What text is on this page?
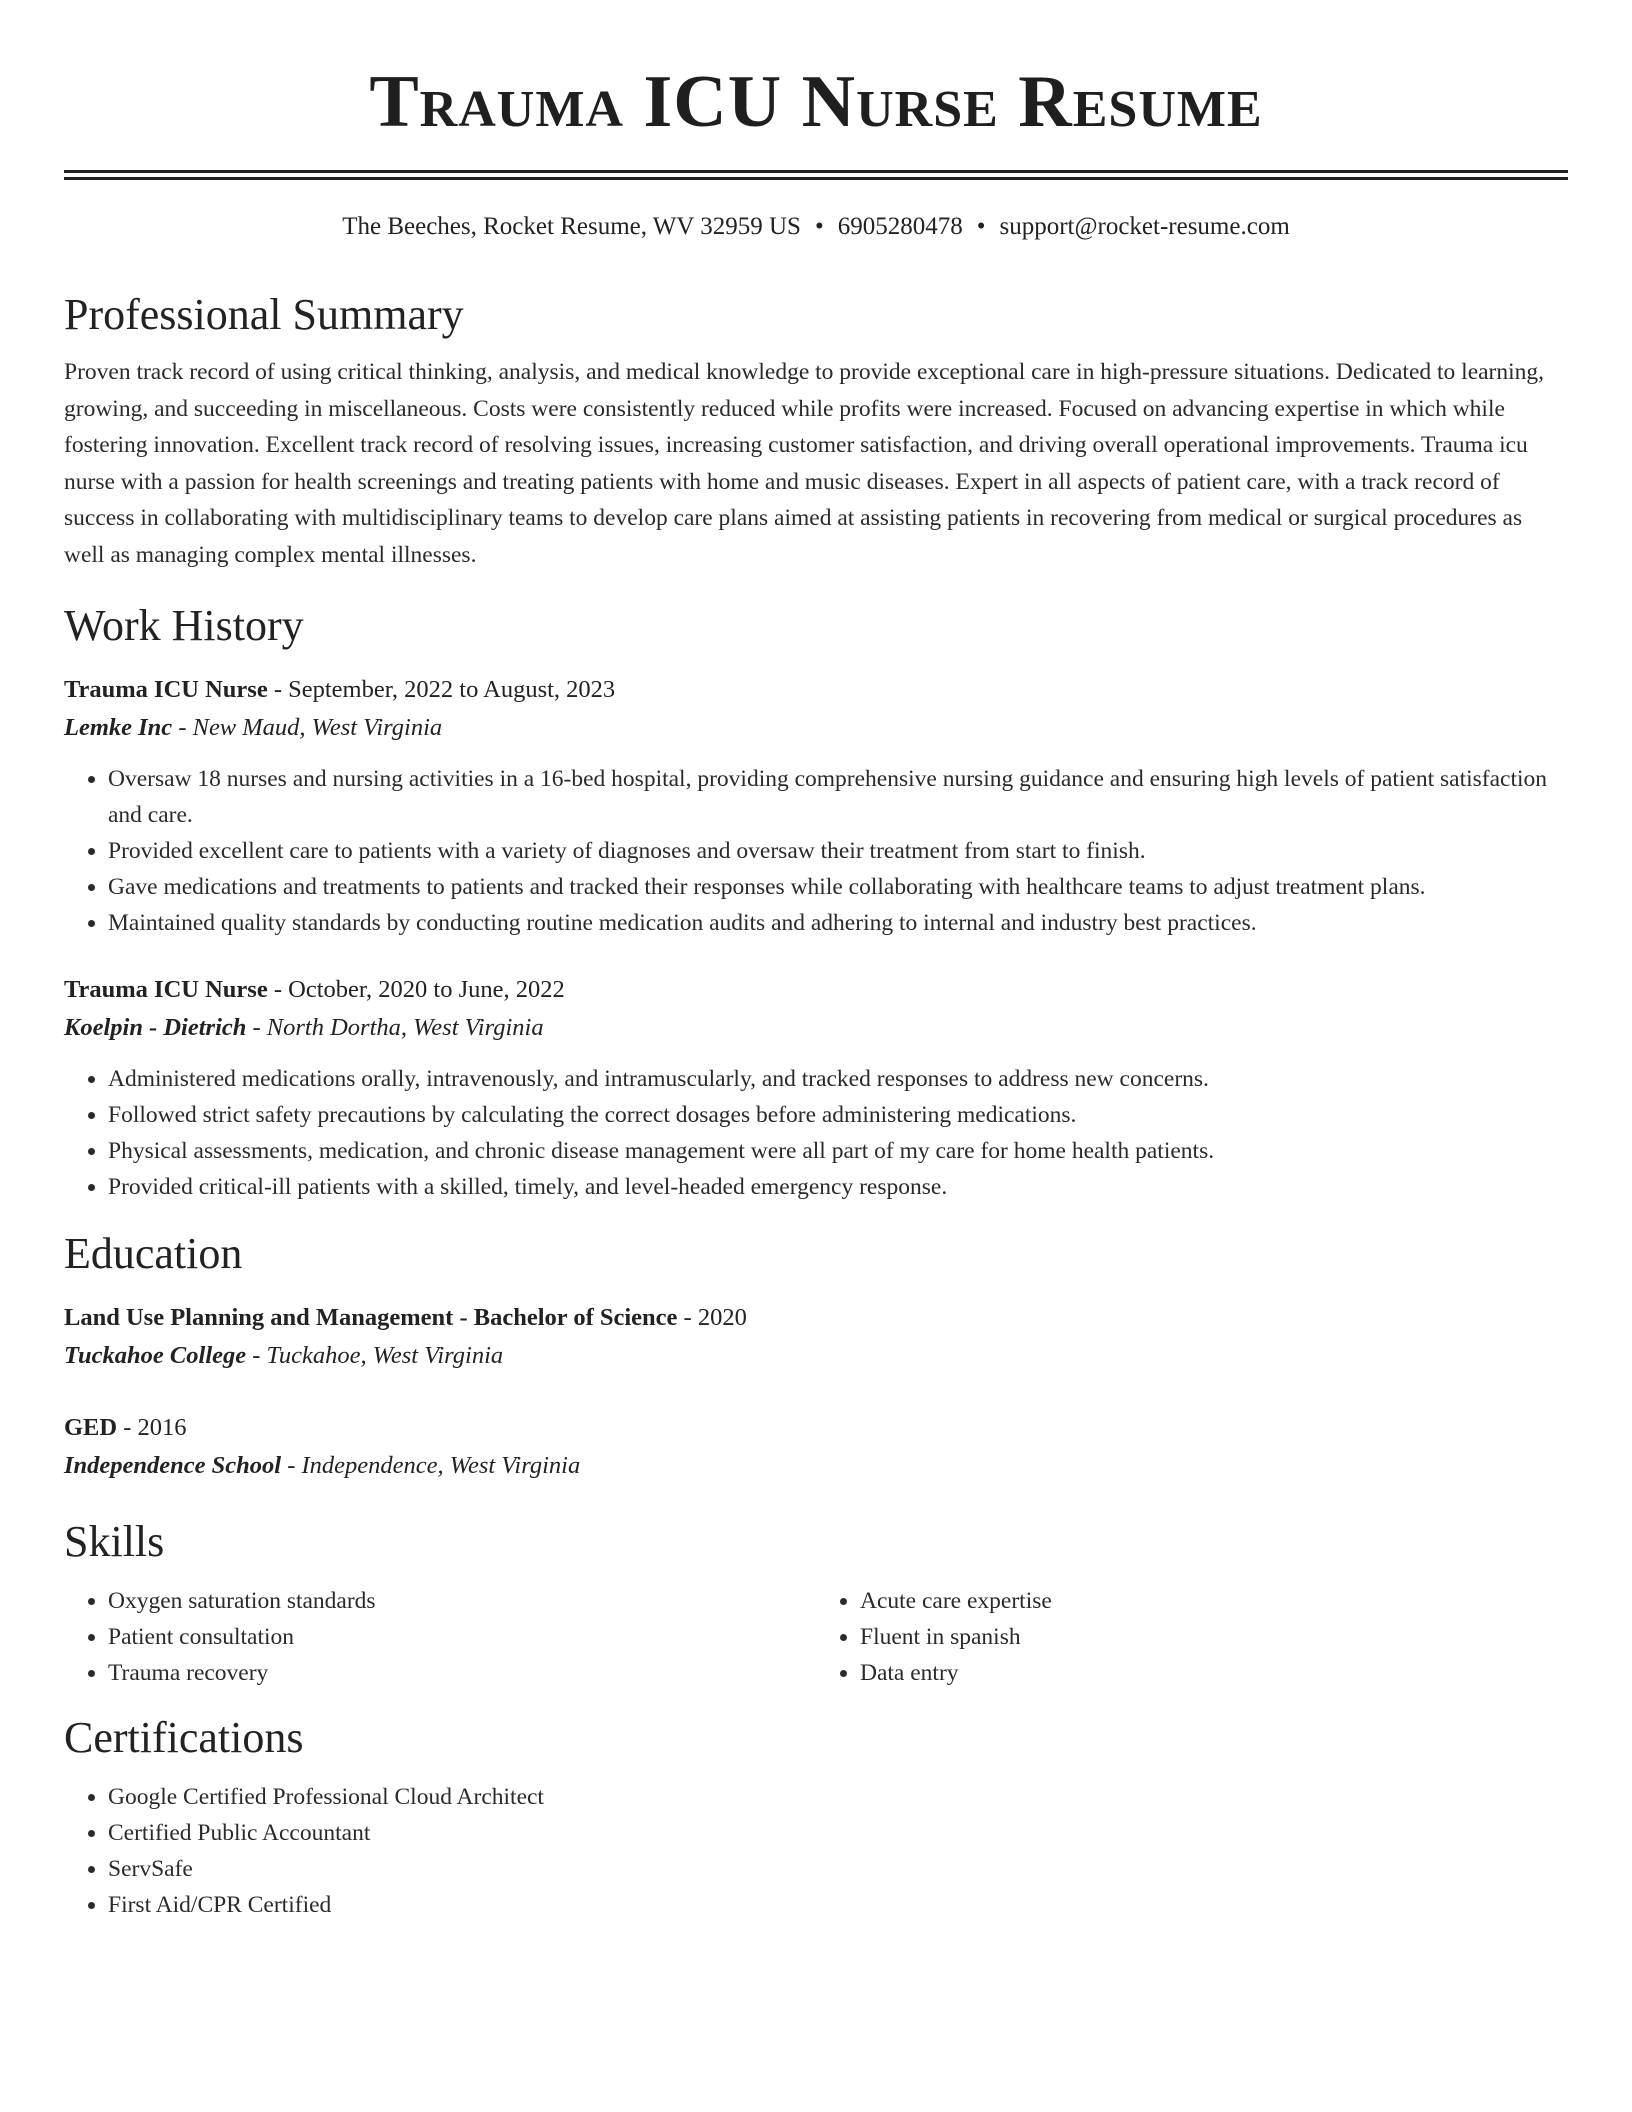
Trauma ICU Nurse Resume
The Beeches, Rocket Resume, WV 32959 US • 6905280478 • support@rocket-resume.com
Professional Summary

Proven track record of using critical thinking, analysis, and medical knowledge to provide exceptional care in high-pressure situations. Dedicated to learning, growing, and succeeding in miscellaneous. Costs were consistently reduced while profits were increased. Focused on advancing expertise in which while fostering innovation. Excellent track record of resolving issues, increasing customer satisfaction, and driving overall operational improvements. Trauma icu nurse with a passion for health screenings and treating patients with home and music diseases. Expert in all aspects of patient care, with a track record of success in collaborating with multidisciplinary teams to develop care plans aimed at assisting patients in recovering from medical or surgical procedures as well as managing complex mental illnesses.

Work History
Trauma ICU Nurse - September, 2022 to August, 2023
Lemke Inc - New Maud, West Virginia
• Oversaw 18 nurses and nursing activities in a 16-bed hospital, providing comprehensive nursing guidance and ensuring high levels of patient satisfaction and care.
• Provided excellent care to patients with a variety of diagnoses and oversaw their treatment from start to finish.
• Gave medications and treatments to patients and tracked their responses while collaborating with healthcare teams to adjust treatment plans.
• Maintained quality standards by conducting routine medication audits and adhering to internal and industry best practices.
Trauma ICU Nurse - October, 2020 to June, 2022
Koelpin - Dietrich - North Dortha, West Virginia
• Administered medications orally, intravenously, and intramuscularly, and tracked responses to address new concerns.
• Followed strict safety precautions by calculating the correct dosages before administering medications.
• Physical assessments, medication, and chronic disease management were all part of my care for home health patients.
• Provided critical-ill patients with a skilled, timely, and level-headed emergency response.
Education
Land Use Planning and Management - Bachelor of Science - 2020
Tuckahoe College - Tuckahoe, West Virginia
GED - 2016
Independence School - Independence, West Virginia
Skills
• Oxygen saturation standards
• Patient consultation
• Trauma recovery
• Acute care expertise
• Fluent in spanish
• Data entry
Certifications
• Google Certified Professional Cloud Architect
• Certified Public Accountant
• ServSafe
• First Aid/CPR Certified
